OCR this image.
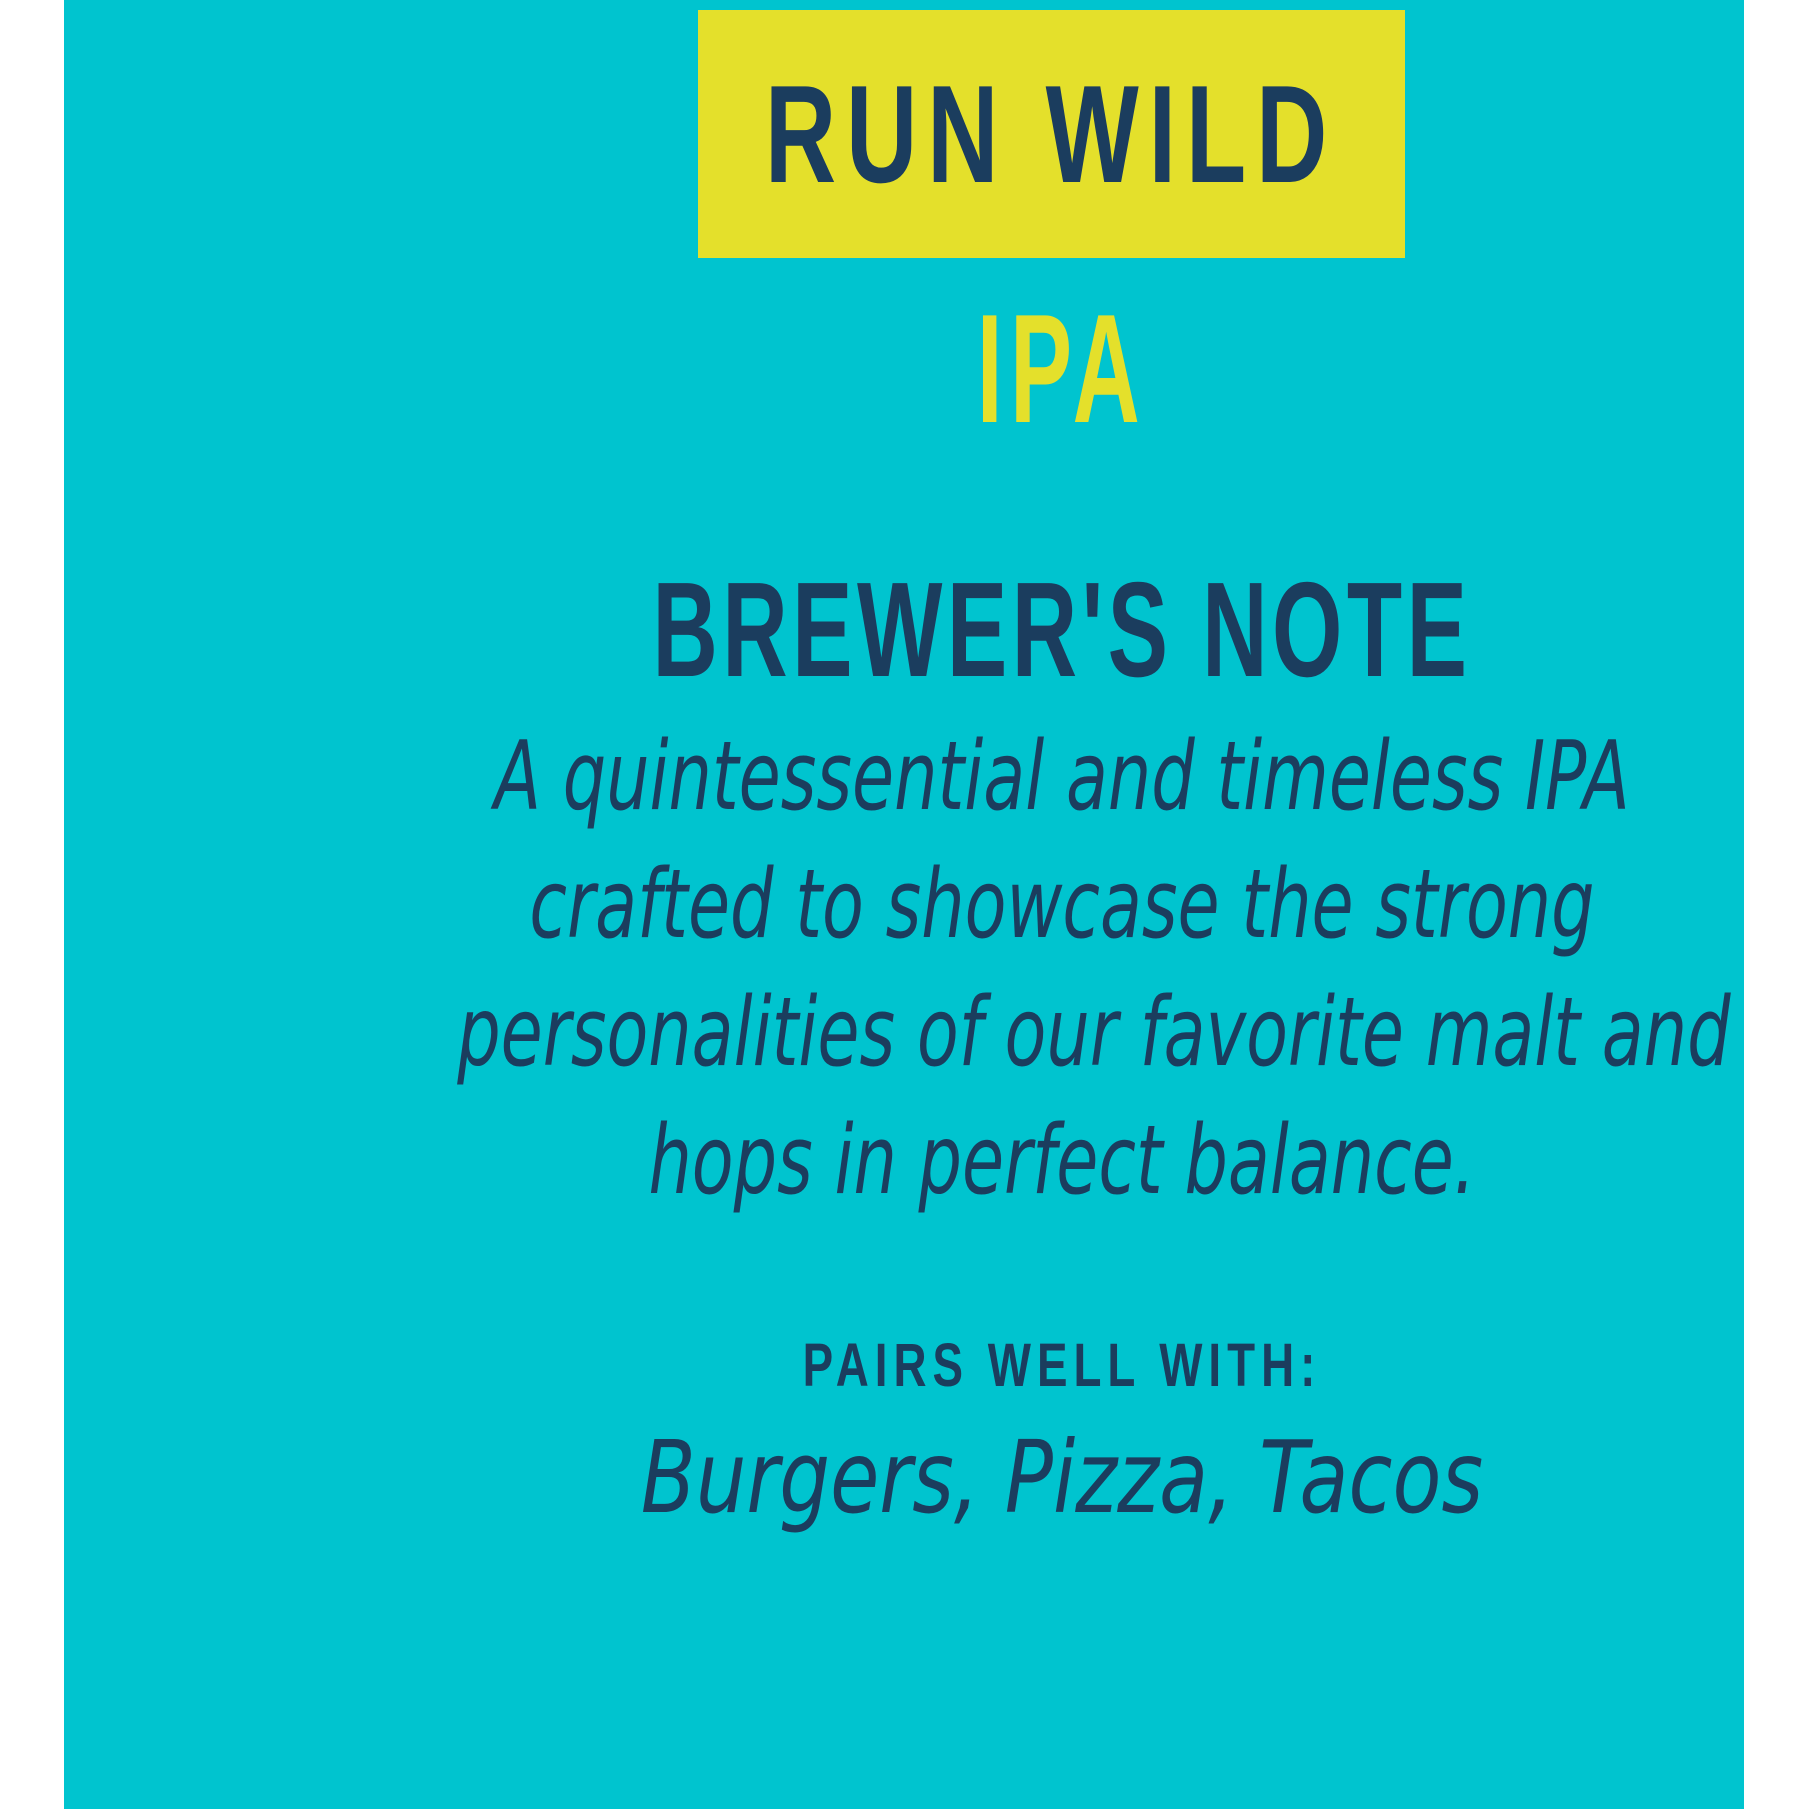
RUN WILD
IPA
BREWER'S NOTE
A quintessential and timeless IPA
crafted to showcase the strong
personalities of our favorite malt and
hops in perfect balance.
PAIRS WELL WITH:
Burgers, Pizza, Tacos
